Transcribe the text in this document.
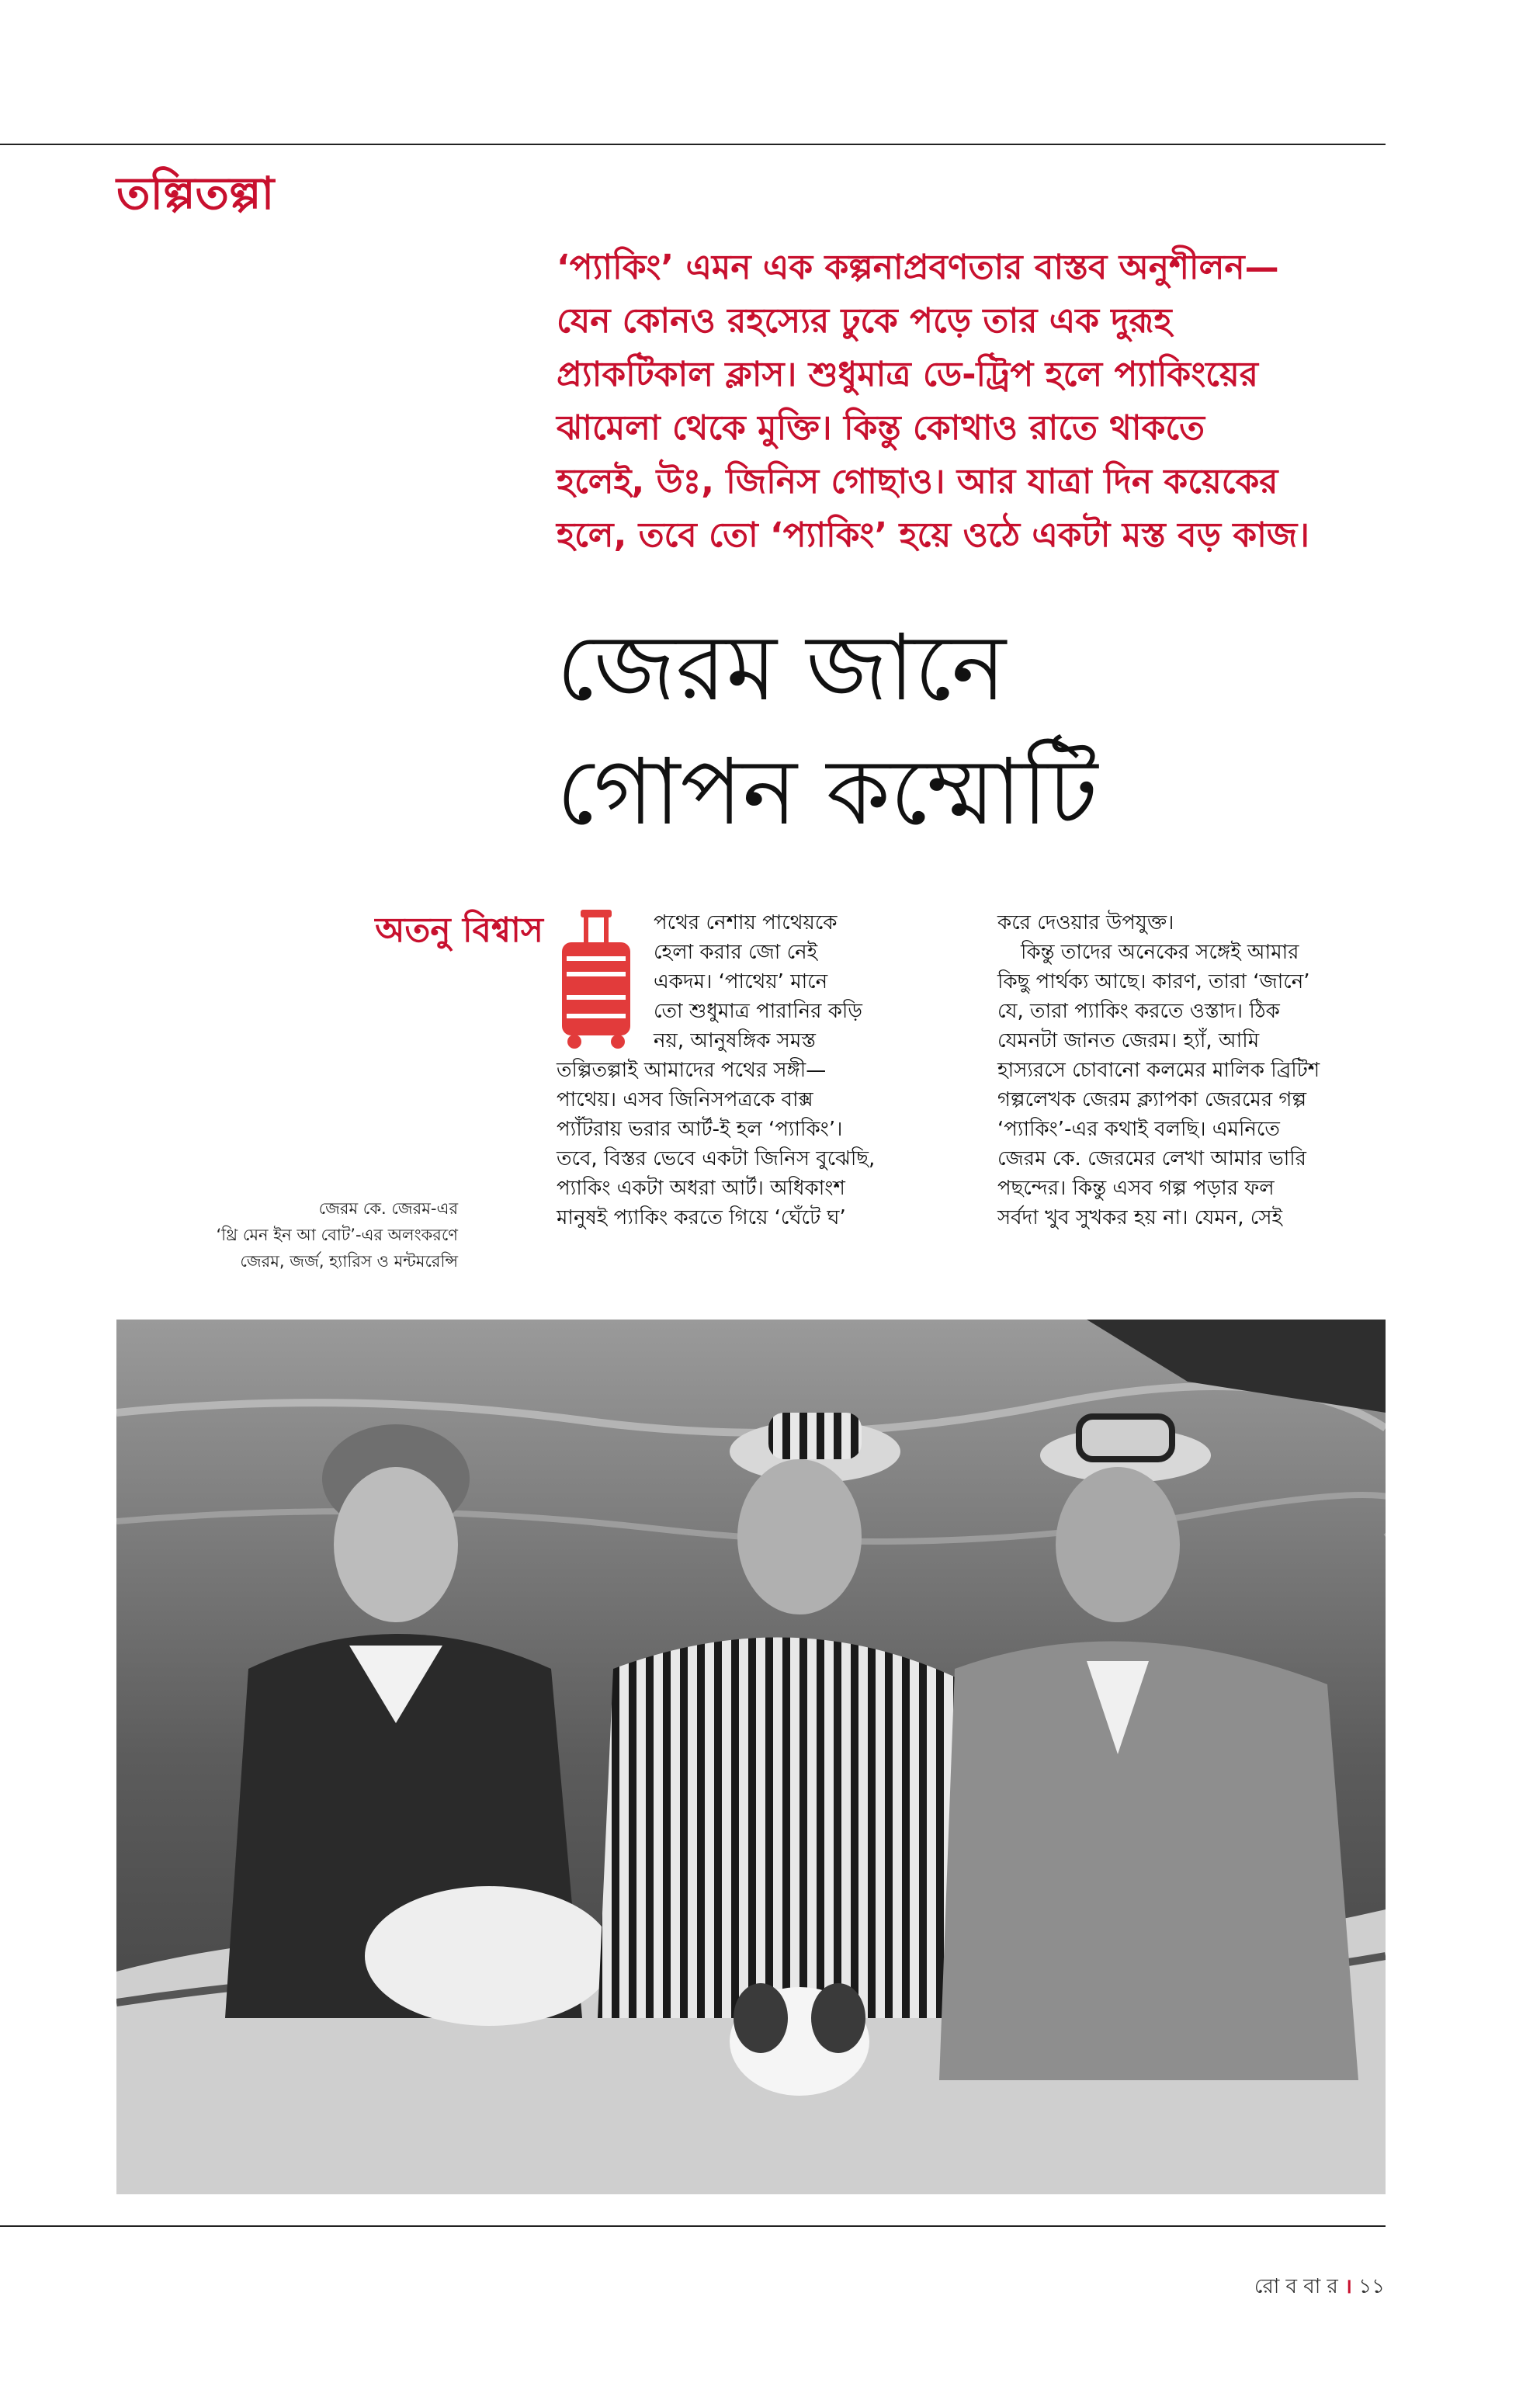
তল্পিতল্পা
‘প্যাকিং’ এমন এক কল্পনাপ্রবণতার বাস্তব অনুশীলন—
যেন কোনও রহস্যের ঢুকে পড়ে তার এক দুরূহ
প্র্যাকটিকাল ক্লাস। শুধুমাত্র ডে-ট্রিপ হলে প্যাকিংয়ের
ঝামেলা থেকে মুক্তি। কিন্তু কোথাও রাতে থাকতে
হলেই, উঃ, জিনিস গোছাও। আর যাত্রা দিন কয়েকের
হলে, তবে তো ‘প্যাকিং’ হয়ে ওঠে একটা মস্ত বড় কাজ।
জেরম জানে
গোপন কম্মোটি
অতনু বিশ্বাস
জেরম কে. জেরম-এর
‘থ্রি মেন ইন আ বোট’-এর অলংকরণে
জেরম, জর্জ, হ্যারিস ও মন্টমরেন্সি
পথের নেশায় পাথেয়কে
হেলা করার জো নেই
একদম। ‘পাথেয়’ মানে
তো শুধুমাত্র পারানির কড়ি
নয়, আনুষঙ্গিক সমস্ত
তল্পিতল্পাই আমাদের পথের সঙ্গী—
পাথেয়। এসব জিনিসপত্রকে বাক্স
প্যাঁটরায় ভরার আর্ট-ই হল ‘প্যাকিং’।
তবে, বিস্তর ভেবে একটা জিনিস বুঝেছি,
প্যাকিং একটা অধরা আর্ট। অধিকাংশ
মানুষই প্যাকিং করতে গিয়ে ‘ঘেঁটে ঘ’
করে দেওয়ার উপযুক্ত।
কিন্তু তাদের অনেকের সঙ্গেই আমার
কিছু পার্থক্য আছে। কারণ, তারা ‘জানে’
যে, তারা প্যাকিং করতে ওস্তাদ। ঠিক
যেমনটা জানত জেরম। হ্যাঁ, আমি
হাস্যরসে চোবানো কলমের মালিক ব্রিটিশ
গল্পলেখক জেরম ক্ল্যাপকা জেরমের গল্প
‘প্যাকিং’-এর কথাই বলছি। এমনিতে
জেরম কে. জেরমের লেখা আমার ভারি
পছন্দের। কিন্তু এসব গল্প পড়ার ফল
সর্বদা খুব সুখকর হয় না। যেমন, সেই
রো ব বা র । ১১
